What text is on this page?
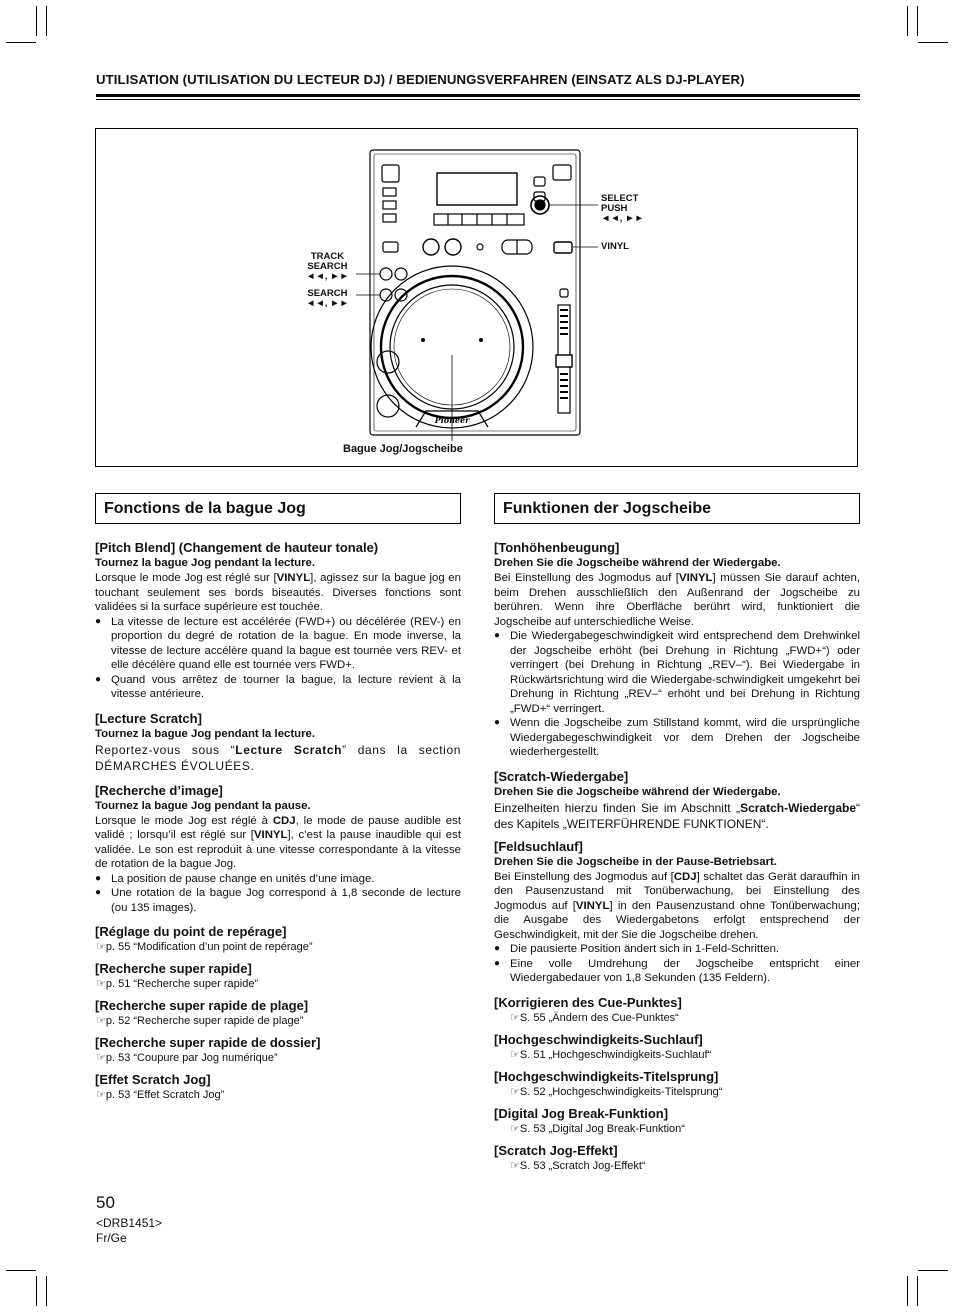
UTILISATION (UTILISATION DU LECTEUR DJ) / BEDIENUNGSVERFAHREN (EINSATZ ALS DJ-PLAYER)
Pioneer
SELECT
PUSH
◄◄, ►►
VINYL
TRACK
SEARCH
◄◄, ►►
SEARCH
◄◄, ►►
Bague Jog/Jogscheibe
Fonctions de la bague Jog	Funktionen der Jogscheibe

[Pitch Blend] (Changement de hauteur tonale)

Tournez la bague Jog pendant la lecture.

Lorsque le mode Jog est réglé sur [VINYL], agissez sur la bague jog en touchant seulement ses bords biseautés. Diverses fonctions sont validées si la surface supérieure est touchée.

● La vitesse de lecture est accélérée (FWD+) ou décélérée (REV-) en proportion du degré de rotation de la bague. En mode inverse, la vitesse de lecture accélère quand la bague est tournée vers REV- et elle décélère quand elle est tournée vers FWD+.

● Quand vous arrêtez de tourner la bague, la lecture revient à la vitesse antérieure.

[Lecture Scratch]

Tournez la bague Jog pendant la lecture.

Reportez-vous sous “Lecture Scratch” dans la section DÉMARCHES ÉVOLUÉES.

[Recherche d’image]

Tournez la bague Jog pendant la pause.

Lorsque le mode Jog est réglé à CDJ, le mode de pause audible est validé ; lorsqu’il est réglé sur [VINYL], c’est la pause inaudible qui est validée. Le son est reproduit à une vitesse correspondante à la vitesse de rotation de la bague Jog.

● La position de pause change en unités d’une image.

● Une rotation de la bague Jog correspond à 1,8 seconde de lecture (ou 135 images).

[Réglage du point de repérage]

☞p. 55 “Modification d’un point de repérage”

[Recherche super rapide]

☞p. 51 “Recherche super rapide”

[Recherche super rapide de plage]

☞p. 52 “Recherche super rapide de plage”

[Recherche super rapide de dossier]

☞p. 53 “Coupure par Jog numérique”

[Effet Scratch Jog]

☞p. 53 “Effet Scratch Jog”

[Tonhöhenbeugung]

Drehen Sie die Jogscheibe während der Wiedergabe.

Bei Einstellung des Jogmodus auf [VINYL] müssen Sie darauf achten, beim Drehen ausschließlich den Außenrand der Jogscheibe zu berühren. Wenn ihre Oberfläche berührt wird, funktioniert die Jogscheibe auf unterschiedliche Weise.

● Die Wiedergabegeschwindigkeit wird entsprechend dem Drehwinkel der Jogscheibe erhöht (bei Drehung in Richtung „FWD+“) oder verringert (bei Drehung in Richtung „REV–“). Bei Wiedergabe in Rückwärtsrichtung wird die Wiedergabe-schwindigkeit umgekehrt bei Drehung in Richtung „REV–“ erhöht und bei Drehung in Richtung „FWD+“ verringert.

● Wenn die Jogscheibe zum Stillstand kommt, wird die ursprüngliche Wiedergabegeschwindigkeit vor dem Drehen der Jogscheibe wiederhergestellt.

[Scratch-Wiedergabe]

Drehen Sie die Jogscheibe während der Wiedergabe.

Einzelheiten hierzu finden Sie im Abschnitt „Scratch-Wiedergabe“ des Kapitels „WEITERFÜHRENDE FUNKTIONEN“.

[Feldsuchlauf]

Drehen Sie die Jogscheibe in der Pause-Betriebsart.

Bei Einstellung des Jogmodus auf [CDJ] schaltet das Gerät daraufhin in den Pausenzustand mit Tonüberwachung, bei Einstellung des Jogmodus auf [VINYL] in den Pausenzustand ohne Tonüberwachung; die Ausgabe des Wiedergabetons erfolgt entsprechend der Geschwindigkeit, mit der Sie die Jogscheibe drehen.

● Die pausierte Position ändert sich in 1-Feld-Schritten.

● Eine volle Umdrehung der Jogscheibe entspricht einer Wiedergabedauer von 1,8 Sekunden (135 Feldern).

[Korrigieren des Cue-Punktes]

☞S. 55 „Ändern des Cue-Punktes“

[Hochgeschwindigkeits-Suchlauf]

☞S. 51 „Hochgeschwindigkeits-Suchlauf“

[Hochgeschwindigkeits-Titelsprung]

☞S. 52 „Hochgeschwindigkeits-Titelsprung“

[Digital Jog Break-Funktion]

☞S. 53 „Digital Jog Break-Funktion“

[Scratch Jog-Effekt]

☞S. 53 „Scratch Jog-Effekt“

50
<DRB1451>
Fr/Ge
